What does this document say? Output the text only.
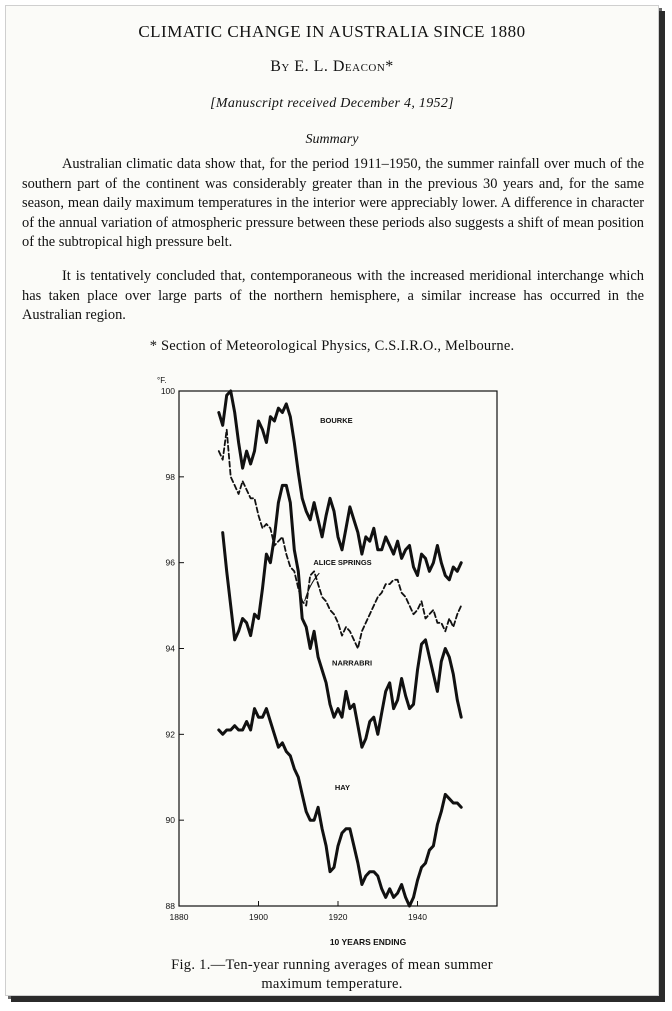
CLIMATIC CHANGE IN AUSTRALIA SINCE 1880

By E. L. Deacon*

[Manuscript received December 4, 1952]

Summary

Australian climatic data show that, for the period 1911–1950, the summer rainfall over much of the southern part of the continent was considerably greater than in the previous 30 years and, for the same season, mean daily maximum temperatures in the interior were appreciably lower. A difference in character of the annual variation of atmospheric pressure between these periods also suggests a shift of mean position of the subtropical high pressure belt.

It is tentatively concluded that, contemporaneous with the increased meridional interchange which has taken place over large parts of the northern hemisphere, a similar increase has occurred in the Australian region.

* Section of Meteorological Physics, C.S.I.R.O., Melbourne.

88
90
92
94
96
98
100
1880	1900	1920	1940
°F.
10 YEARS ENDING
BOURKE
ALICE SPRINGS
NARRABRI
HAY

Fig. 1.—Ten-year running averages of mean summer
maximum temperature.
